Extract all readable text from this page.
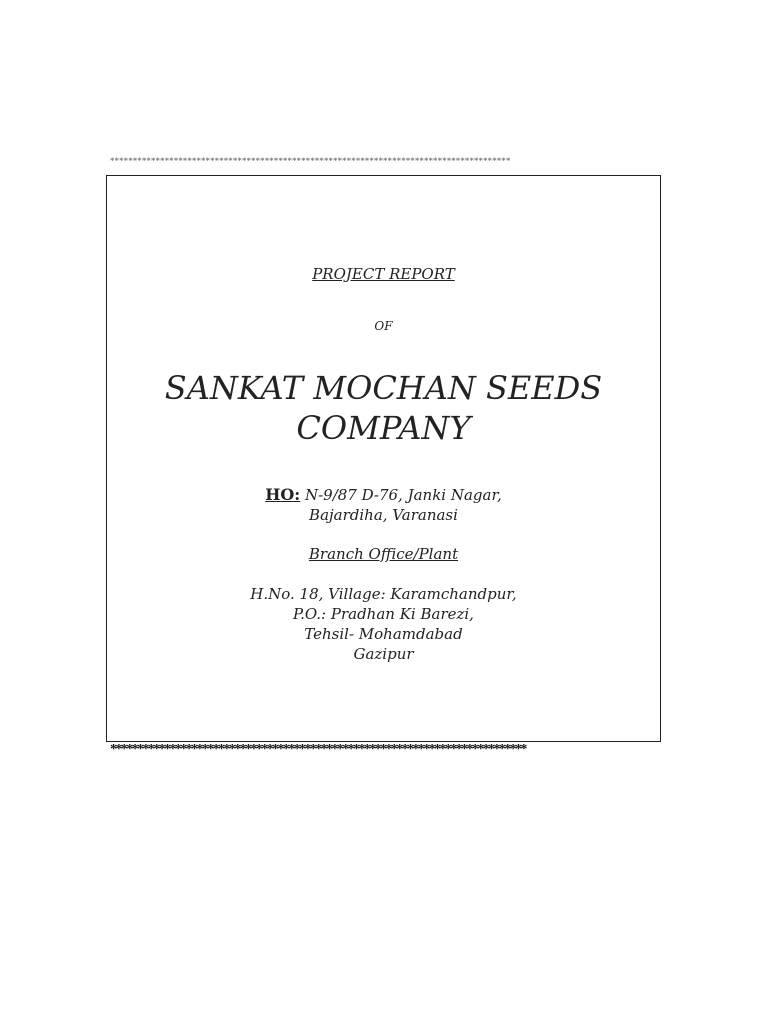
****************************************************************************************
PROJECT REPORT
OF
SANKAT MOCHAN SEEDS
COMPANY
HO: N-9/87 D-76, Janki Nagar,
Bajardiha, Varanasi
Branch Office/Plant
H.No. 18, Village: Karamchandpur,
P.O.: Pradhan Ki Barezi,
Tehsil- Mohamdabad
Gazipur
*****************************************************************************
